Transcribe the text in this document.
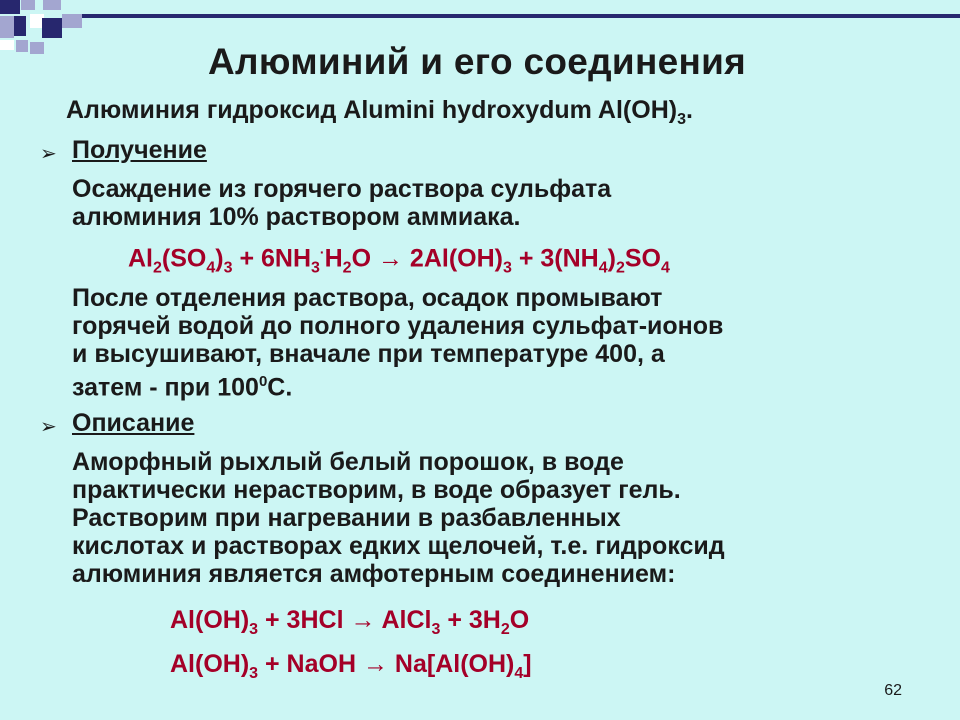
Алюминий и его соединения
Алюминия гидроксид Alumini hydroxydum $Al(OH)_3$.
➢ Получение
Осаждение из горячего раствора сульфата
алюминия 10% раствором аммиака.
$Al_2(SO_4)_3 + 6NH_3^\cdot H_2O \to 2Al(OH)_3 + 3(NH_4)_2SO_4$
После отделения раствора, осадок промывают
горячей водой до полного удаления сульфат-ионов
и высушивают, вначале при температуре 400, а
затем - при $100^0С$.
➢ Описание
Аморфный рыхлый белый порошок, в воде
практически нерастворим, в воде образует гель.
Растворим при нагревании в разбавленных
кислотах и растворах едких щелочей, т.е. гидроксид
алюминия является амфотерным соединением:
$Al(OH)_3 + 3HCl$ → AlCl$_3$ + $3H_2O$
$Al(OH)_3$ + NaOH → $Na[Al(OH)_4]$
62
